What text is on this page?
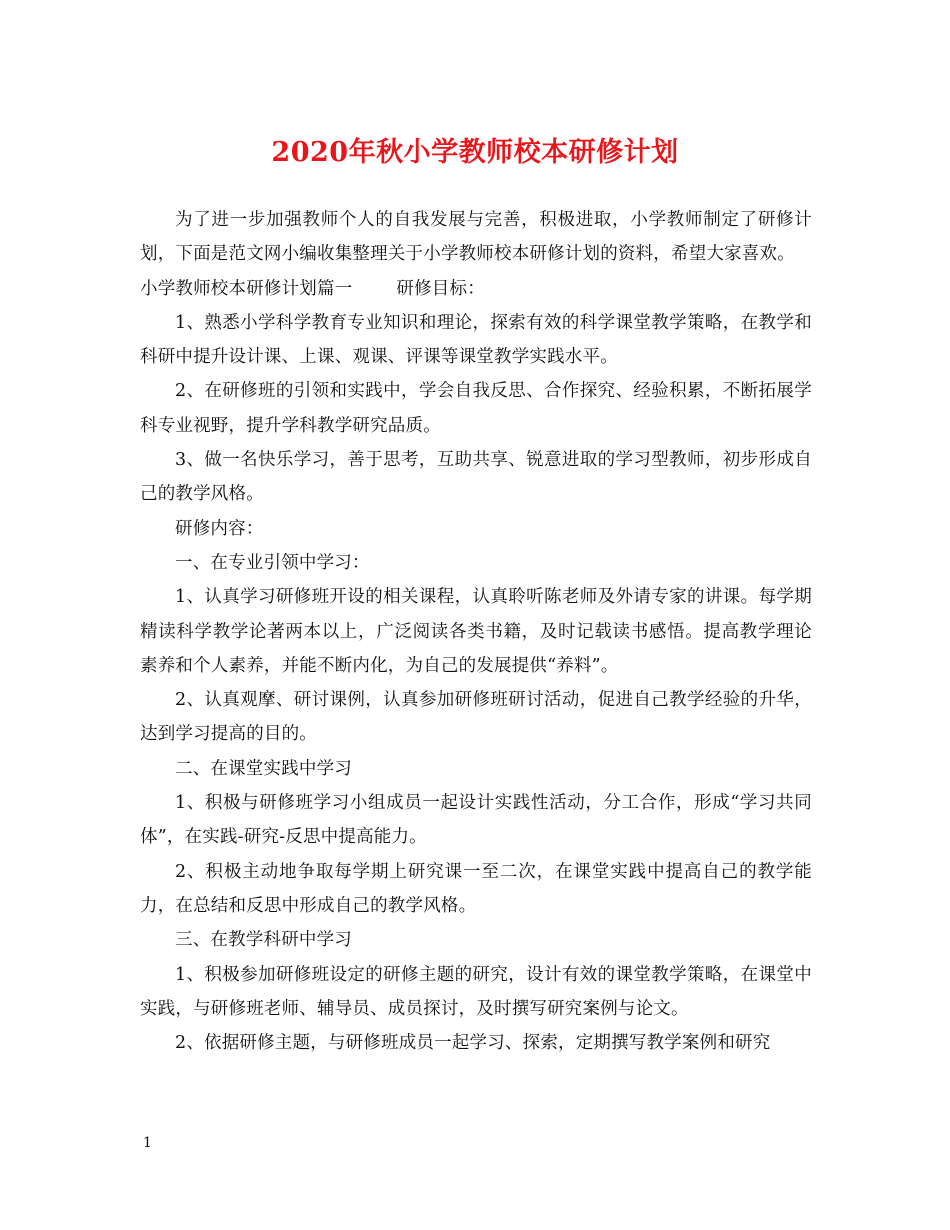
2020年秋小学教师校本研修计划

为了进一步加强教师个人的自我发展与完善，积极进取，小学教师制定了研修计划，下面是范文网小编收集整理关于小学教师校本研修计划的资料，希望大家喜欢。

小学教师校本研修计划篇一	研修目标：

1、熟悉小学科学教育专业知识和理论，探索有效的科学课堂教学策略，在教学和科研中提升设计课、上课、观课、评课等课堂教学实践水平。

2、在研修班的引领和实践中，学会自我反思、合作探究、经验积累，不断拓展学科专业视野，提升学科教学研究品质。

3、做一名快乐学习，善于思考，互助共享、锐意进取的学习型教师，初步形成自己的教学风格。

研修内容：

一、在专业引领中学习：

1、认真学习研修班开设的相关课程，认真聆听陈老师及外请专家的讲课。每学期精读科学教学论著两本以上，广泛阅读各类书籍，及时记载读书感悟。提高教学理论素养和个人素养，并能不断内化，为自己的发展提供“养料”。

2、认真观摩、研讨课例，认真参加研修班研讨活动，促进自己教学经验的升华，达到学习提高的目的。

二、在课堂实践中学习

1、积极与研修班学习小组成员一起设计实践性活动，分工合作，形成“学习共同体”，在实践-研究-反思中提高能力。

2、积极主动地争取每学期上研究课一至二次，在课堂实践中提高自己的教学能力，在总结和反思中形成自己的教学风格。

三、在教学科研中学习

1、积极参加研修班设定的研修主题的研究，设计有效的课堂教学策略，在课堂中实践，与研修班老师、辅导员、成员探讨，及时撰写研究案例与论文。

2、依据研修主题，与研修班成员一起学习、探索，定期撰写教学案例和研究

1
